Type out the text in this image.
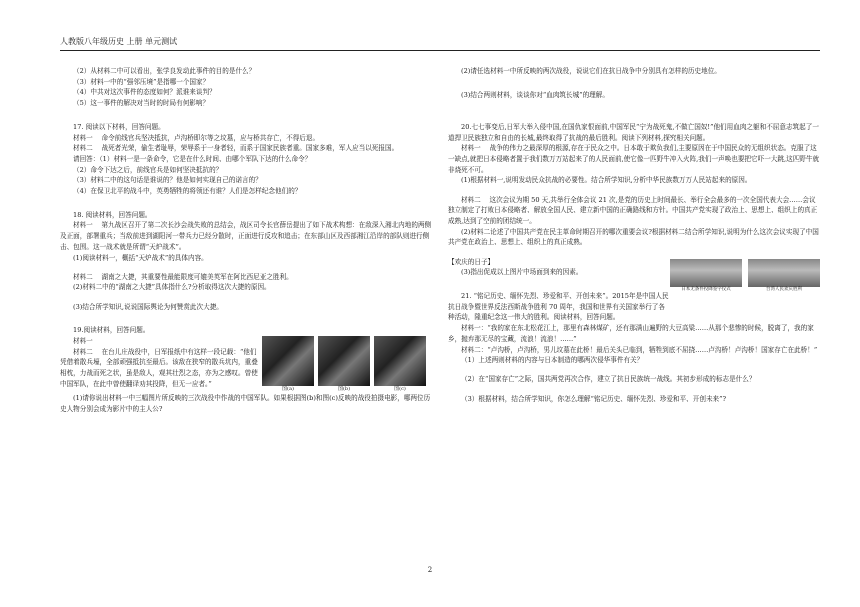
人教版八年级历史 上册 单元测试

（2）从材料二中可以看出，张学良发动此事件的目的是什么？

（3）材料一中的“强邻压境”是指哪一个国家？

（4）中共对这次事件的态度如何？派谁来谈判？

（5）这一事件的解决对当时的时局有何影响？

17. 阅读以下材料，回答问题。

材料一　 命令前线官兵坚决抵抗，卢沟桥即尔等之坟墓，应与桥共存亡，不得后退。

材料二　 战死者光荣，偷生者耻辱，荣辱系于一身者轻，而系于国家民族者重。国家多难，军人应当以死报国。

请回答：（1）材料一是一条命令，它是在什么时间、由哪个军队下达的什么命令？

（2）命令下达之后，前线官兵是如何坚决抵抗的？

（3）材料二中的这句话是谁说的？他是如何实现自己的诺言的？

（4）在保卫北平的战斗中，英勇牺牲的将领还有谁？人们是怎样纪念他们的？

18. 阅读材料，回答问题。

材料一　 第九战区召开了第二次长沙会战失败的总结会，战区司令长官薛岳提出了如下战术构想：在敌深入湘北内地的两侧及正面，部署重兵；当敌前进到湖阳河一带兵力已经分散时，正面进行反攻和追击；在东部山区及西部湘江沿岸的部队则进行侧击、包围。这一战术就是所谓“天炉战术”。

(1)阅读材料一，概括“天炉战术”的具体内容。

材料二　 湖南之大捷，其重要性最能限度可媲美英军在阿比西尼亚之胜利。

(2)材料二中的“湖南之大捷”具体指什么?分析取得这次大捷的原因。

(3)结合所学知识,说说国际舆论为何赞赏此次大捷。

19.阅读材料，回答问题。

材料一

材料二　 在台儿庄战役中，日军报纸中有这样一段记载：“他们凭借着散兵壕，全部顽强抵抗至最后。该敌在狭窄的散兵坑内，重叠相枕，力战而死之状，虽是敌人，观其壮烈之态，亦为之感叹。曾使中国军队，在此中曾使翻译劝其投降，但无一应者。”

图(a)	图(b)	图(c)

(1)请你说出材料一中三幅图片所反映的三次战役中作战的中国军队。如果根据图(b)和图(c)反映的战役拍摄电影，哪两位历史人物分别会成为影片中的主人公?

(2)请任选材料一中所反映的两次战役，说说它们在抗日战争中分别具有怎样的历史地位。

(3)结合两则材料，谈谈你对“血肉筑长城”的理解。

20.七七事变后,日军大举入侵中国,在国仇家恨面前,中国军民“宁为战死鬼,不做亡国奴!”他们用血肉之躯和不屈意志筑起了一道捍卫民族独立和自由的长城,最终取得了抗战的最后胜利。阅读下列材料,探究相关问题。

材料一　 战争的伟力之最深厚的根源,存在于民众之中。日本敢于欺负我们,主要原因在于中国民众的无组织状态。克服了这一缺点,就把日本侵略者置于我们数万万站起来了的人民面前,使它像一匹野牛冲入火阵,我们一声唤也要把它吓一大跳,这匹野牛就非烧死不可。

(1)根据材料一,说明发动民众抗战的必要性。结合所学知识,分析中华民族数万万人民站起来的原因。

材料二　 这次会议为期 50 天,共举行全体会议 21 次,是党的历史上时间最长、举行全会最多的一次全国代表大会……会议独立制定了打败日本侵略者、解放全国人民、建立新中国的正确路线和方针。中国共产党实现了政治上、思想上、组织上的真正成熟,达到了空前的团结统一。

(2)材料二论述了中国共产党在民主革命时期召开的哪次重要会议?根据材料二结合所学知识,说明为什么这次会议实现了中国共产党在政治上、思想上、组织上的真正成熟。

【欢庆的日子】

(3)指出促成以上图片中场面到来的因素。

21. “铭记历史、缅怀先烈、珍爱和平、开创未来”。2015年是中国人民抗日战争暨世界反法西斯战争胜利 70 周年，我国和世界有关国家举行了各种活动，隆重纪念这一伟大的胜利。阅读材料，回答问题。

日本无条件投降签字仪式	台湾人民欢庆胜利

材料一：“我的家在东北松花江上，那里有森林煤矿，还有那满山遍野的大豆高粱……从那个悲惨的时候，脱离了，我的家乡，抛弃那无尽的宝藏，流浪！流浪！……”

材料二：“卢沟桥，卢沟桥，男儿坟墓在此桥！最后关头已临到，牺牲到底不屈挠……卢沟桥！卢沟桥！国家存亡在此桥！”

（1）上述两则材料的内容与日本制造的哪两次侵华事件有关？

（2）在“国家存亡”之际，国共两党再次合作，建立了抗日民族统一战线。其初步形成的标志是什么？

（3）根据材料，结合所学知识，你怎么理解“铭记历史、缅怀先烈、珍爱和平、开创未来”?

2
